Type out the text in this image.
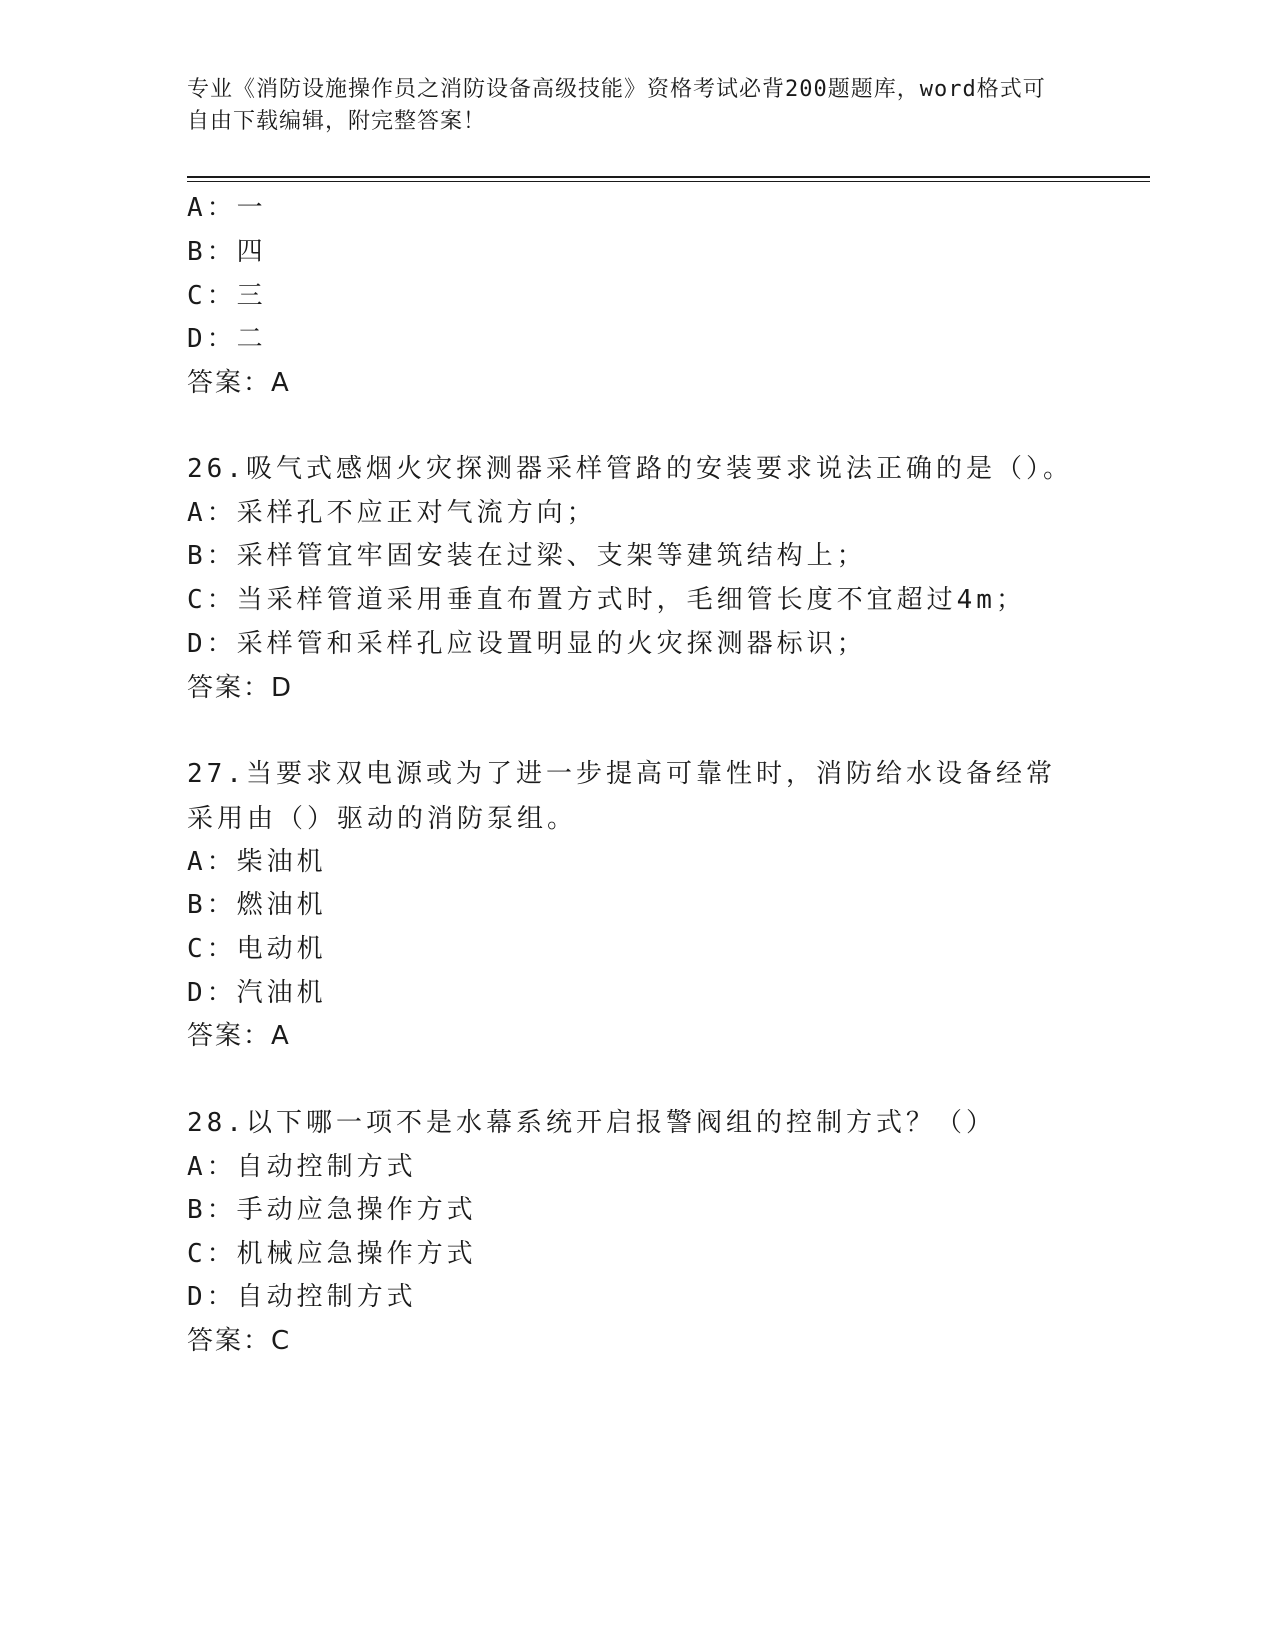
专业《消防设施操作员之消防设备高级技能》资格考试必背200题题库，word格式可自由下载编辑，附完整答案！
A：一
B：四
C：三
D：二
答案：A
26.吸气式感烟火灾探测器采样管路的安装要求说法正确的是（）。
A：采样孔不应正对气流方向；
B：采样管宜牢固安装在过梁、支架等建筑结构上；
C：当采样管道采用垂直布置方式时，毛细管长度不宜超过4m；
D：采样管和采样孔应设置明显的火灾探测器标识；
答案：D
27.当要求双电源或为了进一步提高可靠性时，消防给水设备经常采用由（）驱动的消防泵组。
A：柴油机
B：燃油机
C：电动机
D：汽油机
答案：A
28.以下哪一项不是水幕系统开启报警阀组的控制方式？（）
A：自动控制方式
B：手动应急操作方式
C：机械应急操作方式
D：自动控制方式
答案：C
